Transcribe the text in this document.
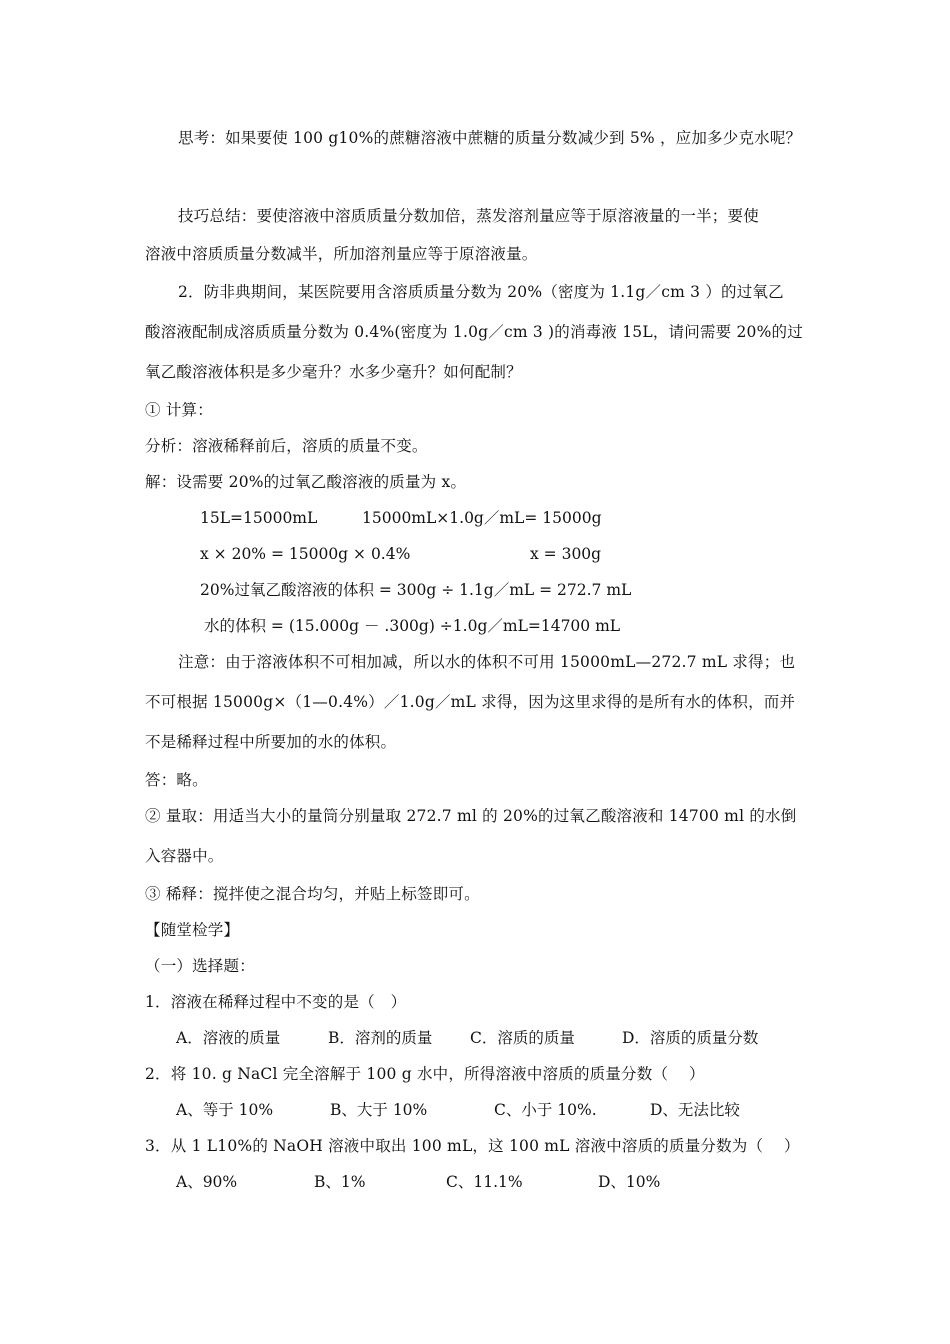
思考：如果要使 100 g10%的蔗糖溶液中蔗糖的质量分数减少到 5% ，应加多少克水呢？
技巧总结：要使溶液中溶质质量分数加倍，蒸发溶剂量应等于原溶液量的一半；要使
溶液中溶质质量分数减半，所加溶剂量应等于原溶液量。
2．防非典期间，某医院要用含溶质质量分数为 20%（密度为 1.1g／cm 3 ）的过氧乙
酸溶液配制成溶质质量分数为 0.4%(密度为 1.0g／cm 3 )的消毒液 15L，请问需要 20%的过
氧乙酸溶液体积是多少毫升？水多少毫升？如何配制？
① 计算：
分析：溶液稀释前后，溶质的质量不变。
解：设需要 20%的过氧乙酸溶液的质量为 x。
15L=15000mL	15000mL×1.0g／mL= 15000g
x × 20% = 15000g × 0.4%	x = 300g
20%过氧乙酸溶液的体积 = 300g ÷ 1.1g／mL = 272.7 mL
水的体积 = (15.000g － .300g) ÷1.0g／mL=14700 mL
注意：由于溶液体积不可相加减，所以水的体积不可用 15000mL—272.7 mL 求得；也
不可根据 15000g×（1—0.4%）／1.0g／mL 求得，因为这里求得的是所有水的体积，而并
不是稀释过程中所要加的水的体积。
答：略。
② 量取：用适当大小的量筒分别量取 272.7 ml 的 20%的过氧乙酸溶液和 14700 ml 的水倒
入容器中。
③ 稀释：搅拌使之混合均匀，并贴上标签即可。
【随堂检学】
（一）选择题：
1．溶液在稀释过程中不变的是（　）
A．溶液的质量	B．溶剂的质量 C．溶质的质量	D．溶质的质量分数
2．将 10. g NaCl 完全溶解于 100 g 水中，所得溶液中溶质的质量分数（　 ）
A、等于 10%	B、大于 10%	C、小于 10%.	D、无法比较
3．从 1 L10%的 NaOH 溶液中取出 100 mL，这 100 mL 溶液中溶质的质量分数为（　 ）
A、90%	B、1%	C、11.1%	D、10%
